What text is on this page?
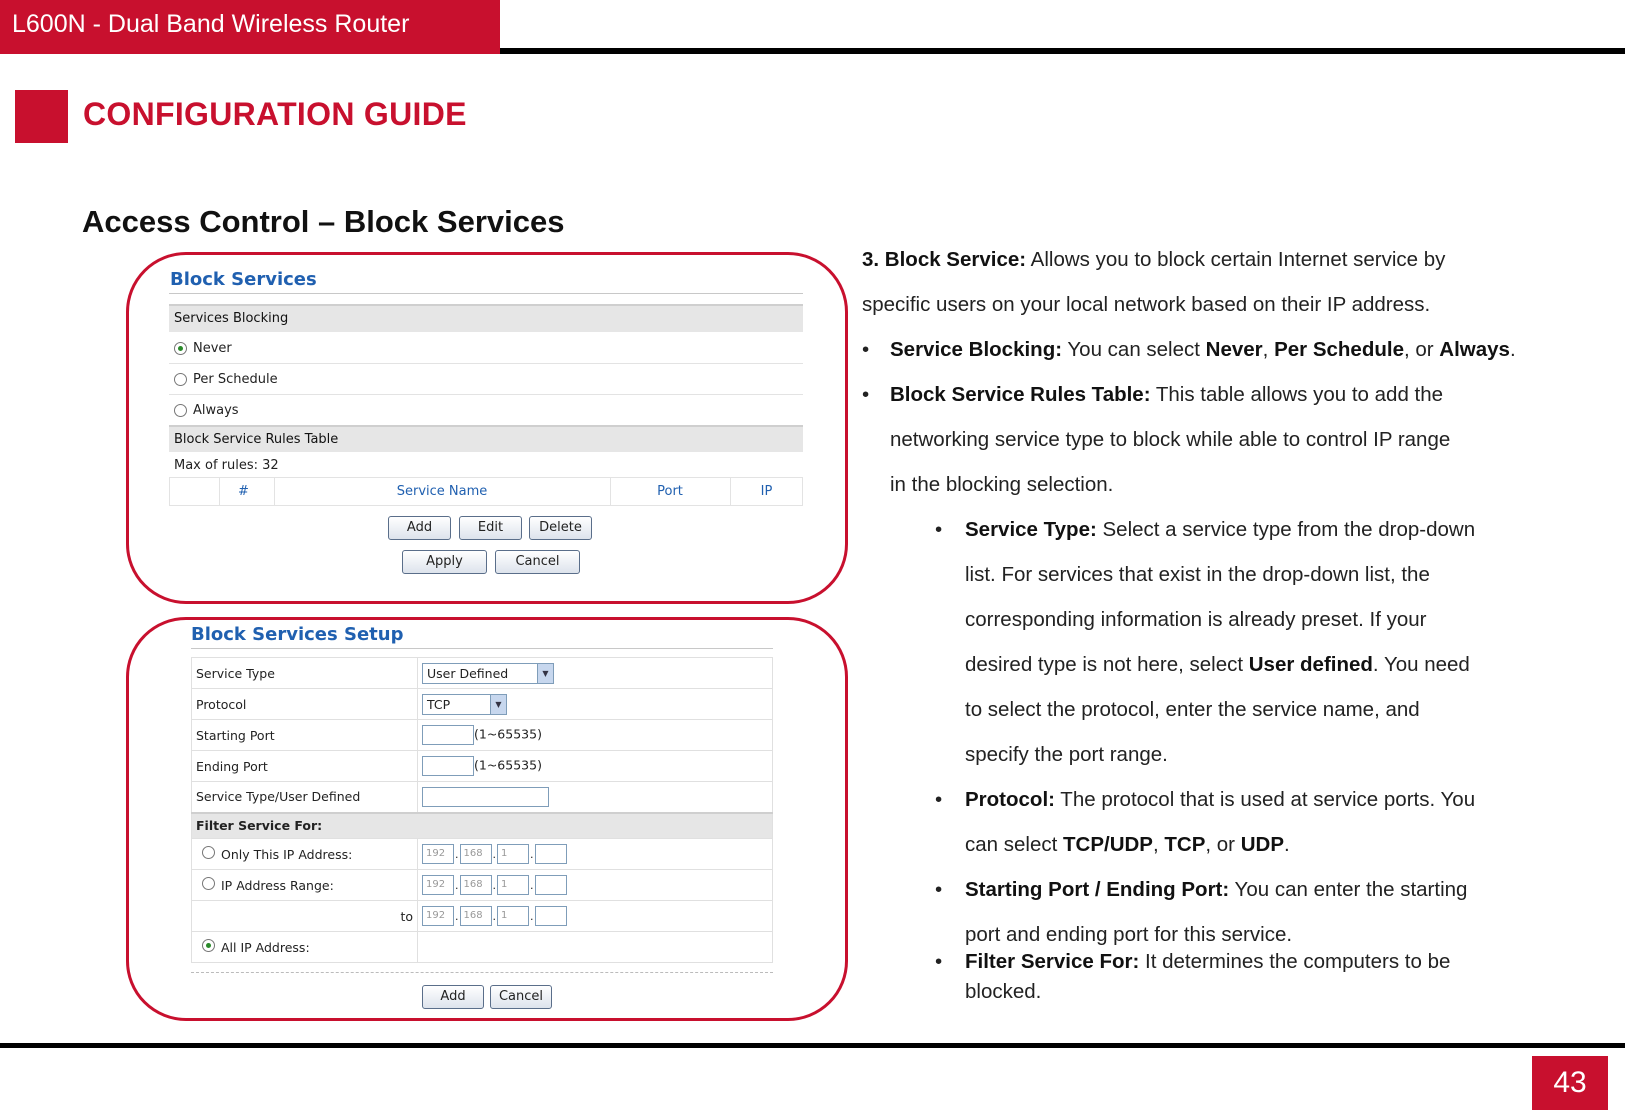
L600N - Dual Band Wireless Router
CONFIGURATION GUIDE
Access Control – Block Services
Block Services
Services Blocking
Never
Per Schedule
Always
Block Service Rules Table
Max of rules: 32
#	Service Name	Port	IP
Add	Edit	Delete
Apply	Cancel
Block Services Setup
Service Type	User Defined ▼

Protocol	TCP ▼

Starting Port	(1~65535)
Ending Port	(1~65535)
Service Type/User Defined	
Filter Service For:	
Only This IP Address:	192 . 168 . 1 .
IP Address Range:	192 . 168 . 1 .

to	192 . 168 . 1 .
All IP Address:	
Add	Cancel
3. Block Service: Allows you to block certain Internet service by
specific users on your local network based on their IP address.
• Service Blocking: You can select Never, Per Schedule, or Always.
• Block Service Rules Table: This table allows you to add the
networking service type to block while able to control IP range
in the blocking selection.
• Service Type: Select a service type from the drop-down
list. For services that exist in the drop-down list, the
corresponding information is already preset. If your
desired type is not here, select User defined. You need
to select the protocol, enter the service name, and
specify the port range.
• Protocol: The protocol that is used at service ports. You
can select TCP/UDP, TCP, or UDP.
• Starting Port / Ending Port: You can enter the starting
port and ending port for this service.
• Filter Service For: It determines the computers to be
blocked.
43
